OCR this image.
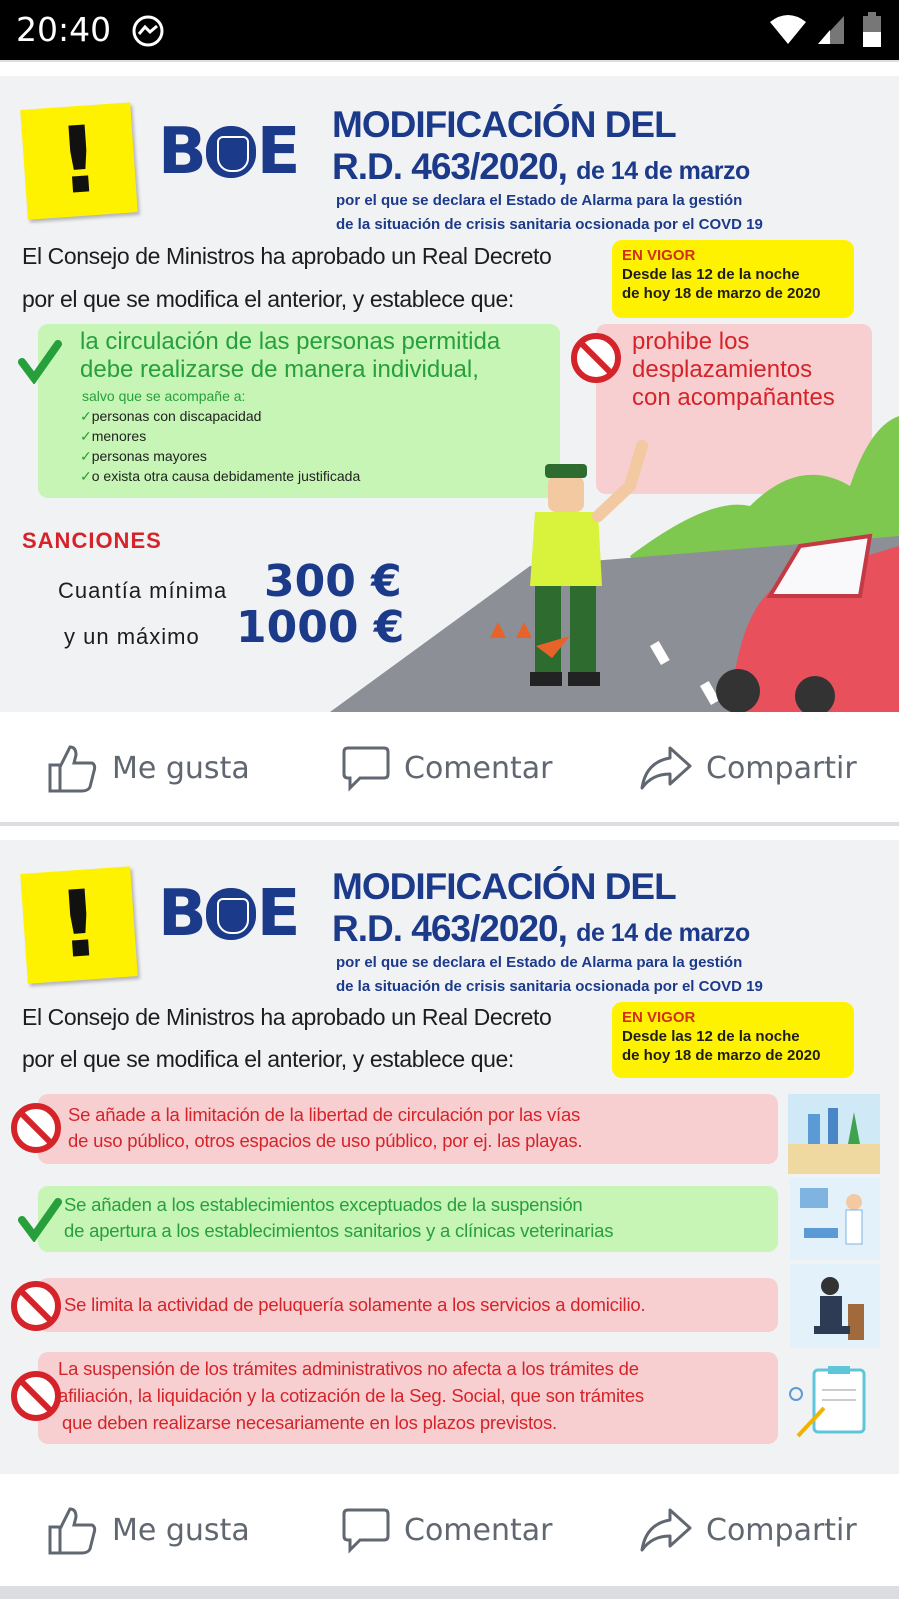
20:40
! B E MODIFICACIÓN DEL
R.D. 463/2020, de 14 de marzo
por el que se declara el Estado de Alarma para la gestión
de la situación de crisis sanitaria ocsionada por el COVD 19
El Consejo de Ministros ha aprobado un Real Decreto
por el que se modifica el anterior, y establece que:
EN VIGOR
Desde las 12 de la noche
de hoy 18 de marzo de 2020
la circulación de las personas permitida
debe realizarse de manera individual,
salvo que se acompañe a:
✓personas con discapacidad
✓menores
✓personas mayores
✓o exista otra causa debidamente justificada
prohibe los
desplazamientos
con acompañantes
SANCIONES
Cuantía mínima 300 €
y un máximo 1000 €
Me gusta	Comentar	Compartir
! B E MODIFICACIÓN DEL
R.D. 463/2020, de 14 de marzo
por el que se declara el Estado de Alarma para la gestión
de la situación de crisis sanitaria ocsionada por el COVD 19
El Consejo de Ministros ha aprobado un Real Decreto
por el que se modifica el anterior, y establece que:
EN VIGOR
Desde las 12 de la noche
de hoy 18 de marzo de 2020
Se añade a la limitación de la libertad de circulación por las vías
de uso público, otros espacios de uso público, por ej. las playas.
Se añaden a los establecimientos exceptuados de la suspensión
de apertura a los establecimientos sanitarios y a clínicas veterinarias
Se limita la actividad de peluquería solamente a los servicios a domicilio.
La suspensión de los trámites administrativos no afecta a los trámites de
afiliación, la liquidación y la cotización de la Seg. Social, que son trámites
que deben realizarse necesariamente en los plazos previstos.
Me gusta	Comentar	Compartir
